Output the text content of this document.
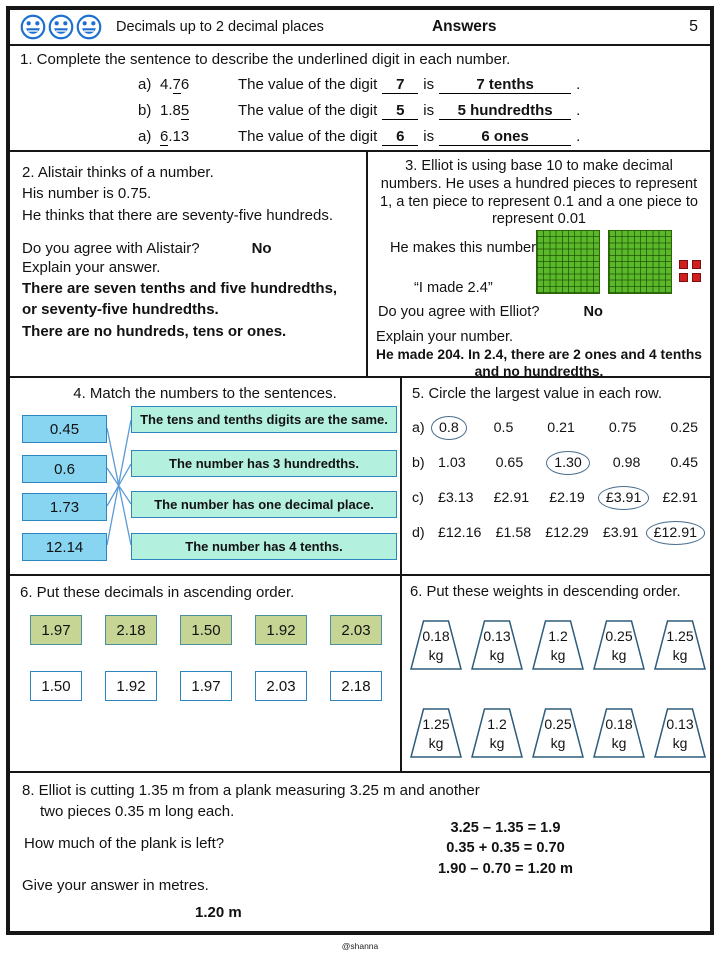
Decimals up to 2 decimal places	Answers	5
1. Complete the sentence to describe the underlined digit in each number.
a) 4.76	The value of the digit	7	is	7 tenths	.
b) 1.85	The value of the digit	5	is	5 hundredths	.
a) 6.13	The value of the digit	6	is	6 ones	.

2. Alistair thinks of a number.

His number is 0.75.

He thinks that there are seventy-five hundreds.

Do you agree with Alistair?	No

Explain your answer.

There are seven tenths and five hundredths,

or seventy-five hundredths.

There are no hundreds, tens or ones.

3. Elliot is using base 10 to make decimal numbers. He uses a hundred pieces to represent 1, a ten piece to represent 0.1 and a one piece to represent 0.01
He makes this number
“I made 2.4”
Do you agree with Elliot?	No
Explain your number.
He made 204. In 2.4, there are 2 ones and 4 tenths
and no hundredths.
4. Match the numbers to the sentences.
0.45
0.6
1.73
12.14
The tens and tenths digits are the same.
The number has 3 hundredths.
The number has one decimal place.
The number has 4 tenths.
5. Circle the largest value in each row.
a)	0.8	0.5 0.21 0.75 0.25
b) 1.03 0.65	1.30	0.98 0.45
c) £3.13 £2.91 £2.19	£3.91	£2.91
d) £12.16 £1.58 £12.29 £3.91	£12.91
6. Put these decimals in ascending order.
1.97	2.18	1.50	1.92	2.03
1.50	1.92	1.97	2.03	2.18
6. Put these weights in descending order.
0.18
kg
0.13
kg
1.2
kg
0.25
kg
1.25
kg
1.25
kg
1.2
kg
0.25
kg
0.18
kg
0.13
kg
8. Elliot is cutting 1.35 m from a plank measuring 3.25 m and another
two pieces 0.35 m long each.
How much of the plank is left?
Give your answer in metres.
3.25 – 1.35 = 1.9
0.35 + 0.35 = 0.70
1.90 – 0.70 = 1.20 m
1.20 m
@shanna
